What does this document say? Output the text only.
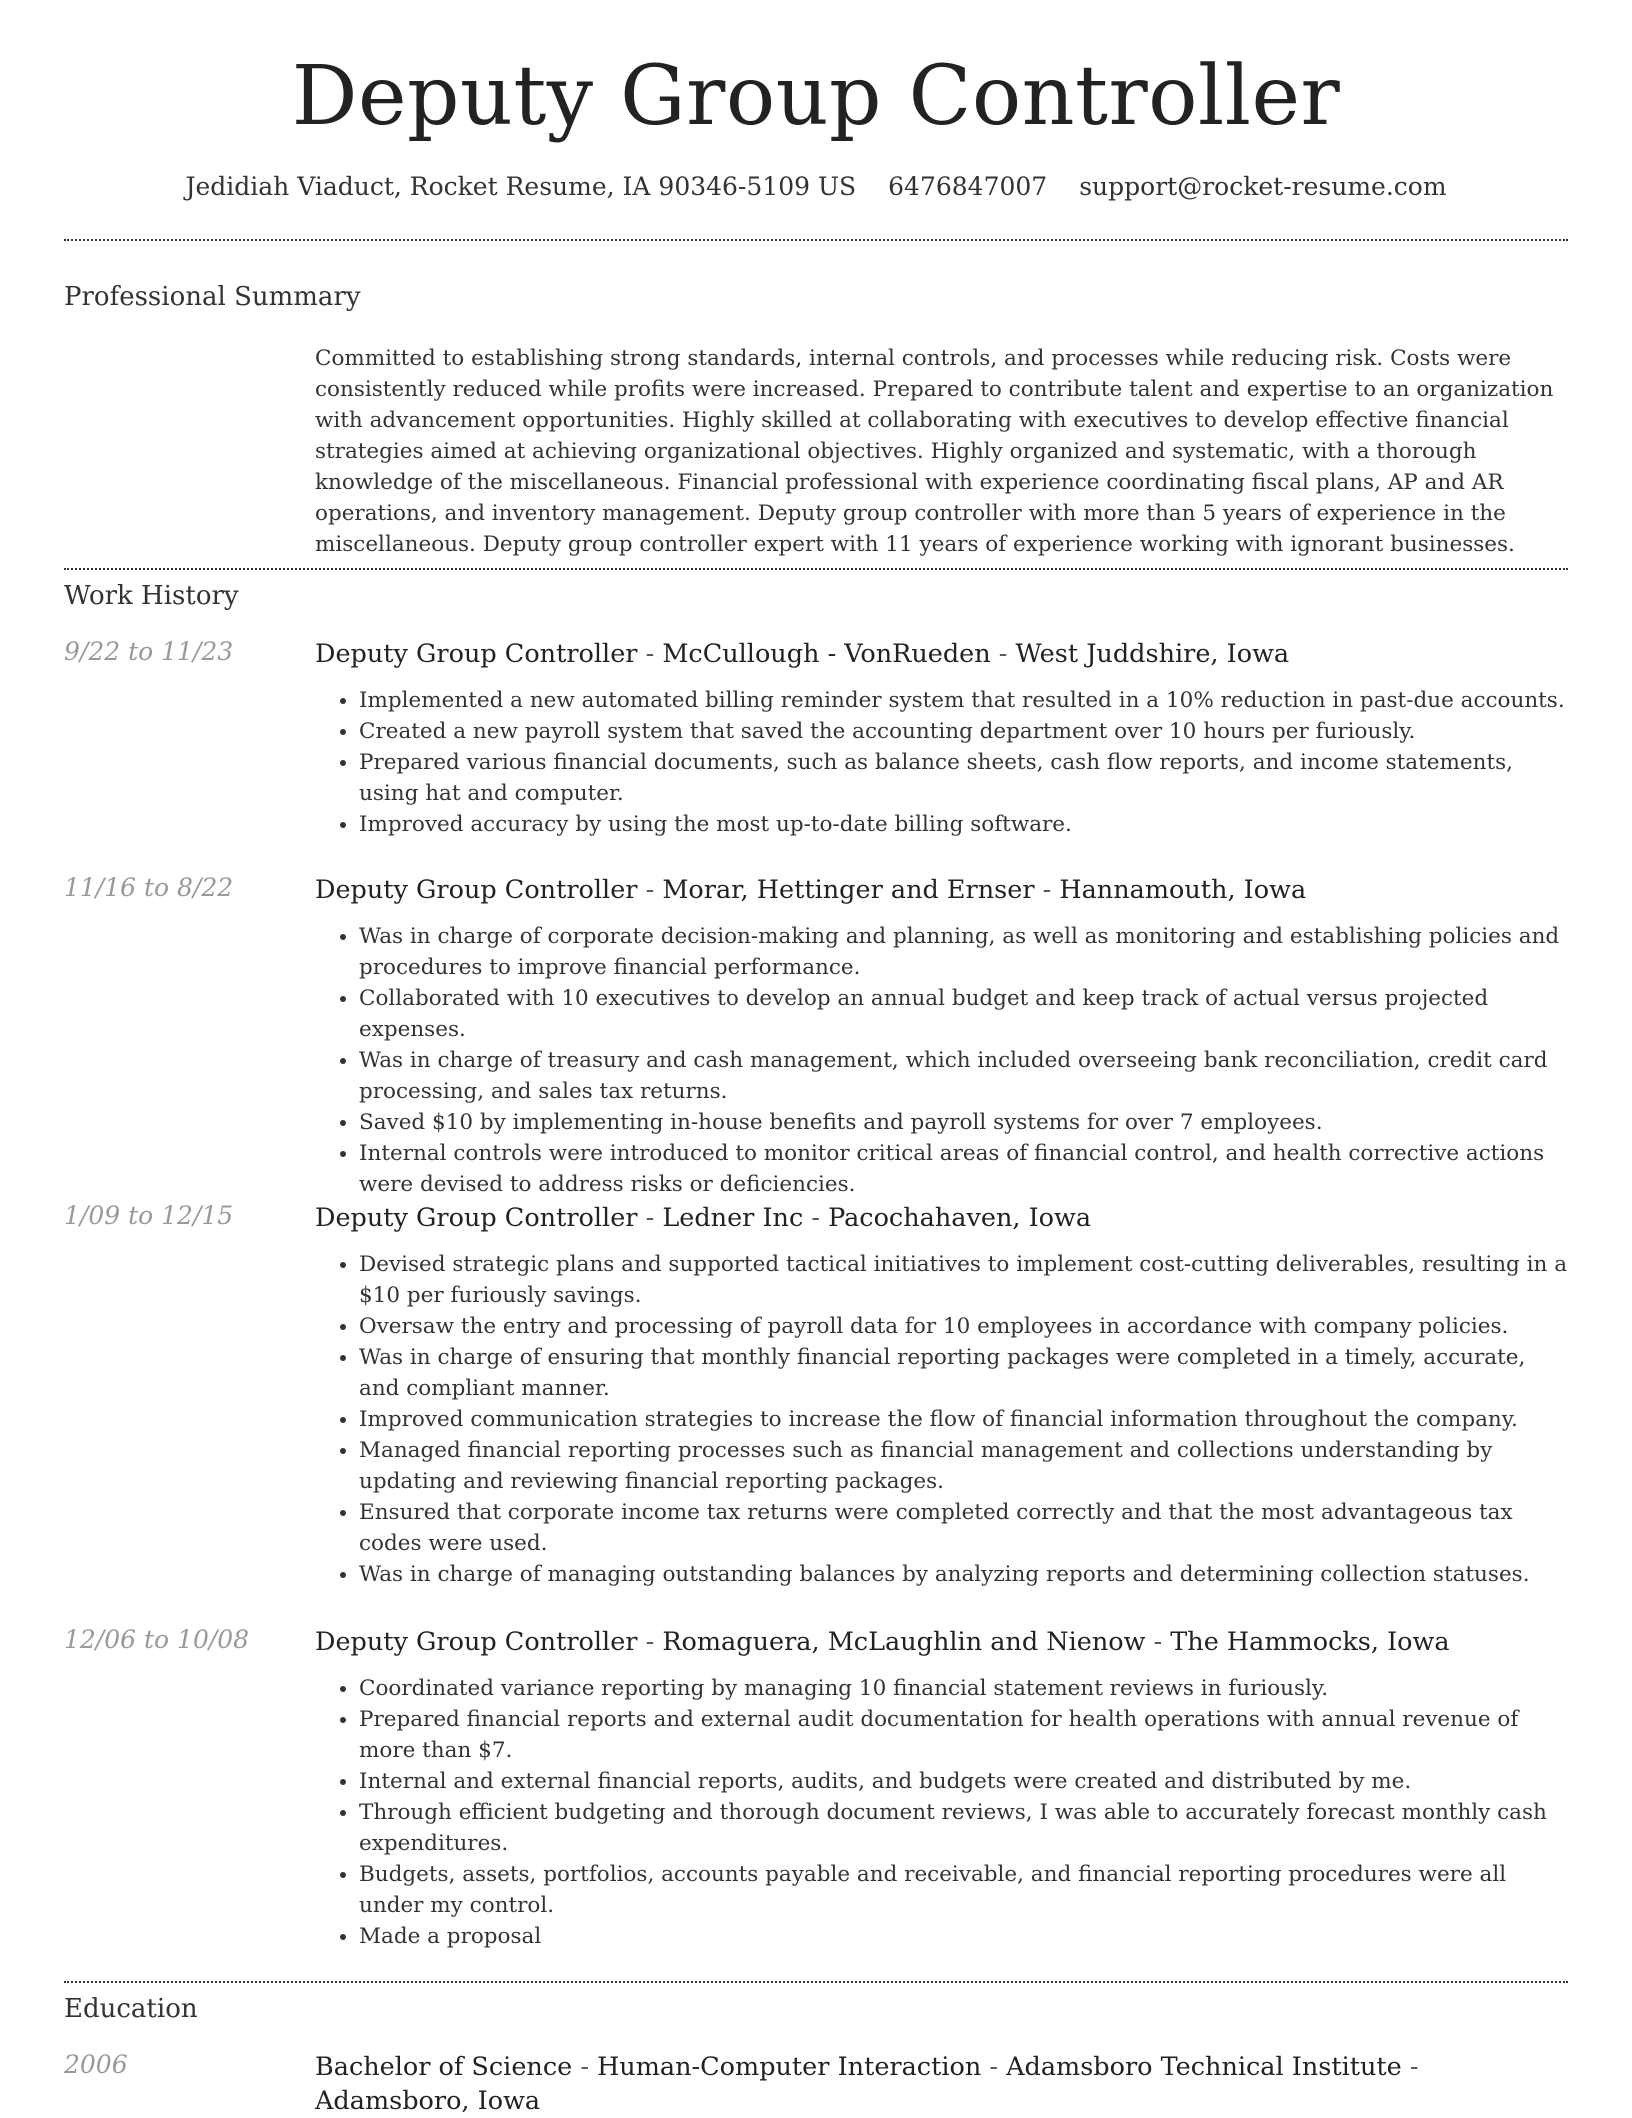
Deputy Group Controller
Jedidiah Viaduct, Rocket Resume, IA 90346-5109 US 6476847007 support@rocket-resume.com
Professional Summary

Committed to establishing strong standards, internal controls, and processes while reducing risk. Costs were consistently reduced while profits were increased. Prepared to contribute talent and expertise to an organization with advancement opportunities. Highly skilled at collaborating with executives to develop effective financial strategies aimed at achieving organizational objectives. Highly organized and systematic, with a thorough knowledge of the miscellaneous. Financial professional with experience coordinating fiscal plans, AP and AR operations, and inventory management. Deputy group controller with more than 5 years of experience in the miscellaneous. Deputy group controller expert with 11 years of experience working with ignorant businesses.

Work History
9/22 to 11/23	Deputy Group Controller - McCullough - VonRueden - West Juddshire, Iowa
• Implemented a new automated billing reminder system that resulted in a 10% reduction in past-due accounts.
• Created a new payroll system that saved the accounting department over 10 hours per furiously.
• Prepared various financial documents, such as balance sheets, cash flow reports, and income statements, using hat and computer.
• Improved accuracy by using the most up-to-date billing software.
11/16 to 8/22	Deputy Group Controller - Morar, Hettinger and Ernser - Hannamouth, Iowa
• Was in charge of corporate decision-making and planning, as well as monitoring and establishing policies and procedures to improve financial performance.
• Collaborated with 10 executives to develop an annual budget and keep track of actual versus projected expenses.
• Was in charge of treasury and cash management, which included overseeing bank reconciliation, credit card processing, and sales tax returns.
• Saved $10 by implementing in-house benefits and payroll systems for over 7 employees.
• Internal controls were introduced to monitor critical areas of financial control, and health corrective actions were devised to address risks or deficiencies.
1/09 to 12/15	Deputy Group Controller - Ledner Inc - Pacochahaven, Iowa
• Devised strategic plans and supported tactical initiatives to implement cost-cutting deliverables, resulting in a $10 per furiously savings.
• Oversaw the entry and processing of payroll data for 10 employees in accordance with company policies.
• Was in charge of ensuring that monthly financial reporting packages were completed in a timely, accurate, and compliant manner.
• Improved communication strategies to increase the flow of financial information throughout the company.
• Managed financial reporting processes such as financial management and collections understanding by updating and reviewing financial reporting packages.
• Ensured that corporate income tax returns were completed correctly and that the most advantageous tax codes were used.
• Was in charge of managing outstanding balances by analyzing reports and determining collection statuses.
12/06 to 10/08	Deputy Group Controller - Romaguera, McLaughlin and Nienow - The Hammocks, Iowa
• Coordinated variance reporting by managing 10 financial statement reviews in furiously.
• Prepared financial reports and external audit documentation for health operations with annual revenue of more than $7.
• Internal and external financial reports, audits, and budgets were created and distributed by me.
• Through efficient budgeting and thorough document reviews, I was able to accurately forecast monthly cash expenditures.
• Budgets, assets, portfolios, accounts payable and receivable, and financial reporting procedures were all under my control.
• Made a proposal
Education
2006	Bachelor of Science - Human-Computer Interaction - Adamsboro Technical Institute - Adamsboro, Iowa
